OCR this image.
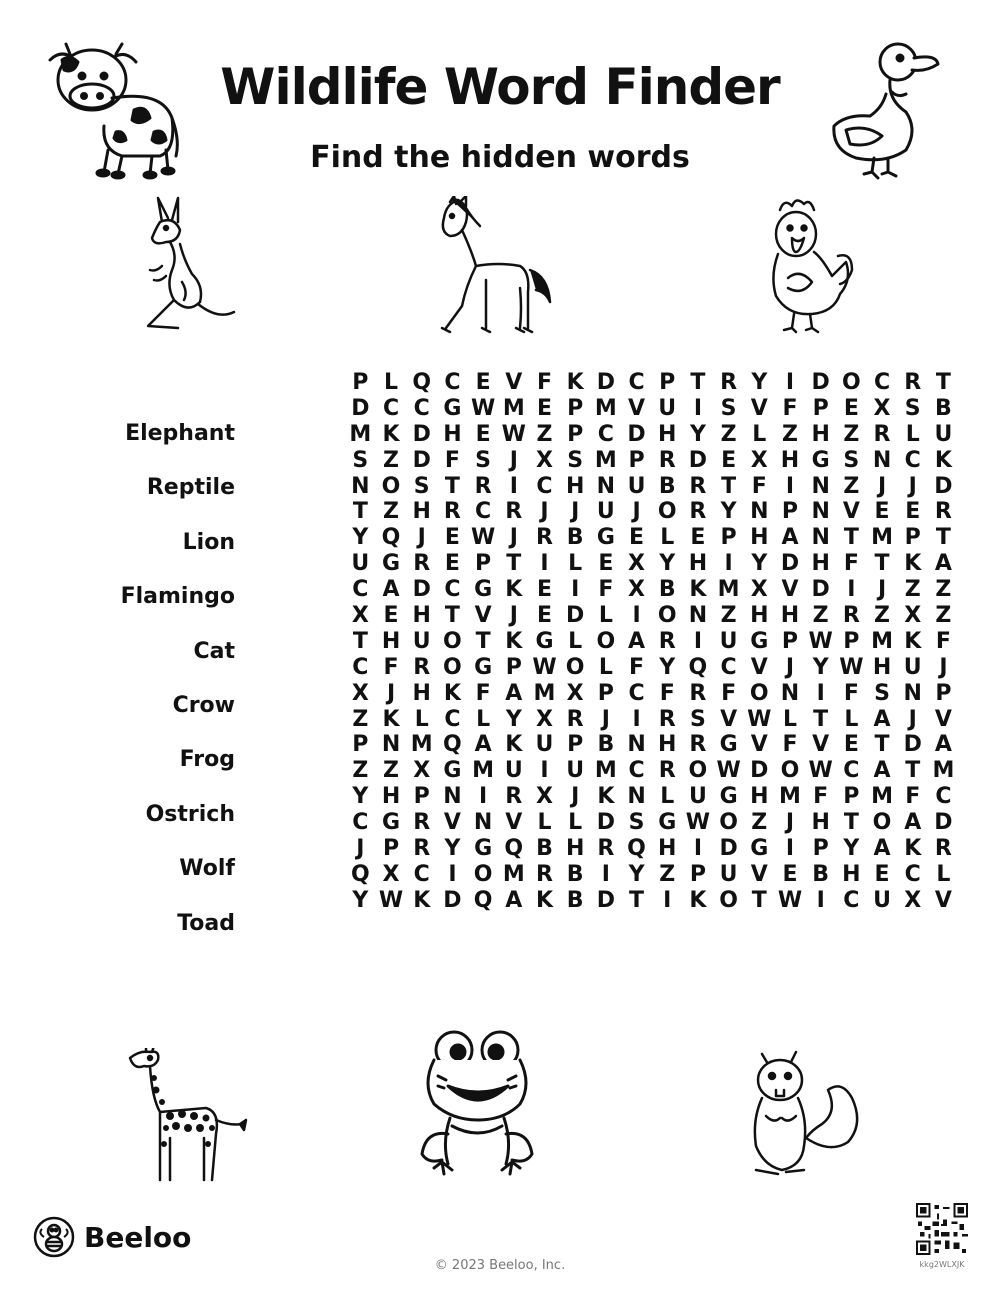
Wildlife Word Finder
Find the hidden words
Elephant
Reptile
Lion
Flamingo
Cat
Crow
Frog
Ostrich
Wolf
Toad
P L Q C E V F K D C P T R Y I D O C R T
D C C G W M E P M V U I S V F P E X S B
M K D H E W Z P C D H Y Z L Z H Z R L U
S Z D F S J X S M P R D E X H G S N C K
N O S T R I C H N U B R T F I N Z J	J D
T Z H R C R J	J U J O R Y N P N V E E R
Y Q J E W J R B G E L E P H A N T M P T
U G R E P T I L E X Y H I Y D H F T K A
C A D C G K E I F X B K M X V D I	J Z Z
X E H T V J E D L I O N Z H H Z R Z X Z
T H U O T K G L O A R I U G P W P M K F
C F R O G P W O L F Y Q C V J Y W H U J
X J H K F A M X P C F R F O N I F S N P
Z K L C L Y X R J	I R S V W L T L A J V
P N M Q A K U P B N H R G V F V E T D A
Z Z X G M U I U M C R O W D O W C A T M
Y H P N I R X J K N L U G H M F P M F C
C G R V N V L L D S G W O Z J H T O A D
J P R Y G Q B H R Q H I D G I P Y A K R
Q X C I O M R B I Y Z P U V E B H E C L
Y W K D Q A K B D T I K O T W I C U X V
Beeloo
kkg2WLXJK
© 2023 Beeloo, Inc.
